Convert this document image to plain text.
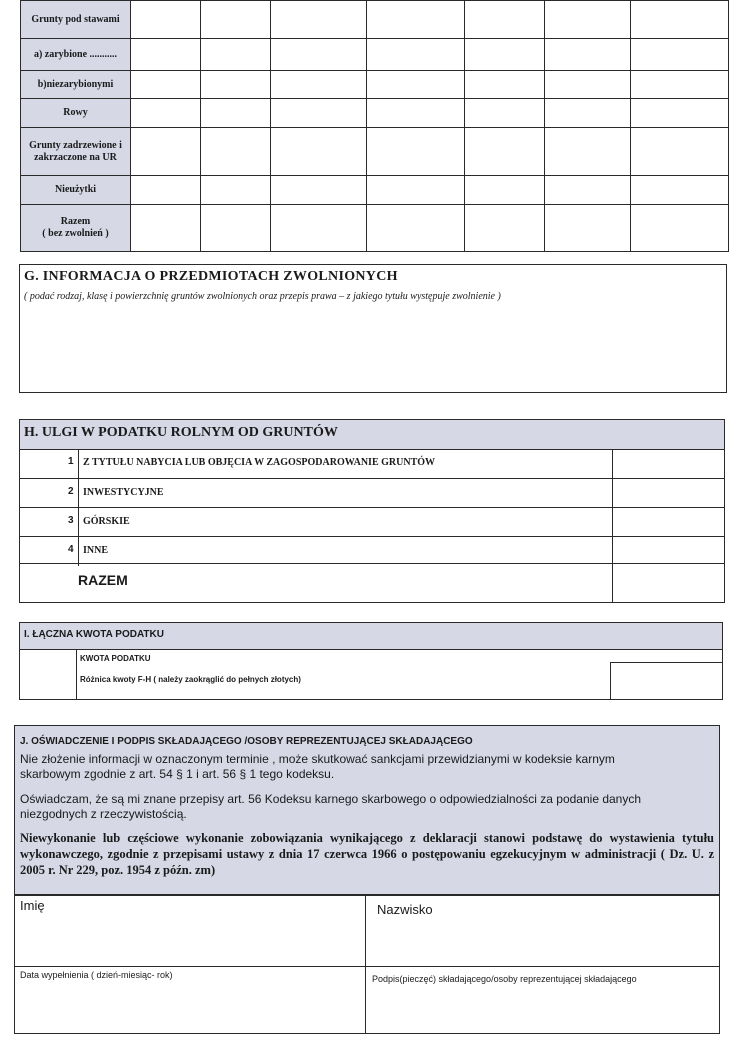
Grunty pod stawami							
a) zarybione ...........							
b)niezarybionymi							
Rowy							
Grunty zadrzewione i zakrzaczone na UR							
Nieużytki							
Razem
( bez zwolnień )							
G. INFORMACJA O PRZEDMIOTACH ZWOLNIONYCH
( podać rodzaj, klasę i powierzchnię gruntów zwolnionych oraz przepis prawa – z jakiego tytułu występuje zwolnienie )
H. ULGI W PODATKU ROLNYM OD GRUNTÓW
1 Z TYTUŁU NABYCIA LUB OBJĘCIA W ZAGOSPODAROWANIE GRUNTÓW
2 INWESTYCYJNE
3 GÓRSKIE
4 INNE
RAZEM
I. ŁĄCZNA KWOTA PODATKU
KWOTA PODATKU
Różnica kwoty F-H ( należy zaokrąglić do pełnych złotych)
J. OŚWIADCZENIE I PODPIS SKŁADAJĄCEGO /OSOBY REPREZENTUJĄCEJ SKŁADAJĄCEGO
Nie złożenie informacji w oznaczonym terminie , może skutkować sankcjami przewidzianymi w kodeksie karnym skarbowym zgodnie z art. 54 § 1 i art. 56 § 1 tego kodeksu.
Oświadczam, że są mi znane przepisy art. 56 Kodeksu karnego skarbowego o odpowiedzialności za podanie danych niezgodnych z rzeczywistością.
Niewykonanie lub częściowe wykonanie zobowiązania wynikającego z deklaracji stanowi podstawę do wystawienia tytułu wykonawczego, zgodnie z przepisami ustawy z dnia 17 czerwca 1966 o postępowaniu egzekucyjnym w administracji ( Dz. U. z 2005 r. Nr 229, poz. 1954 z późn. zm)
Imię	Nazwisko
Data wypełnienia ( dzień-miesiąc- rok)	Podpis(pieczęć) składającego/osoby reprezentującej składającego
